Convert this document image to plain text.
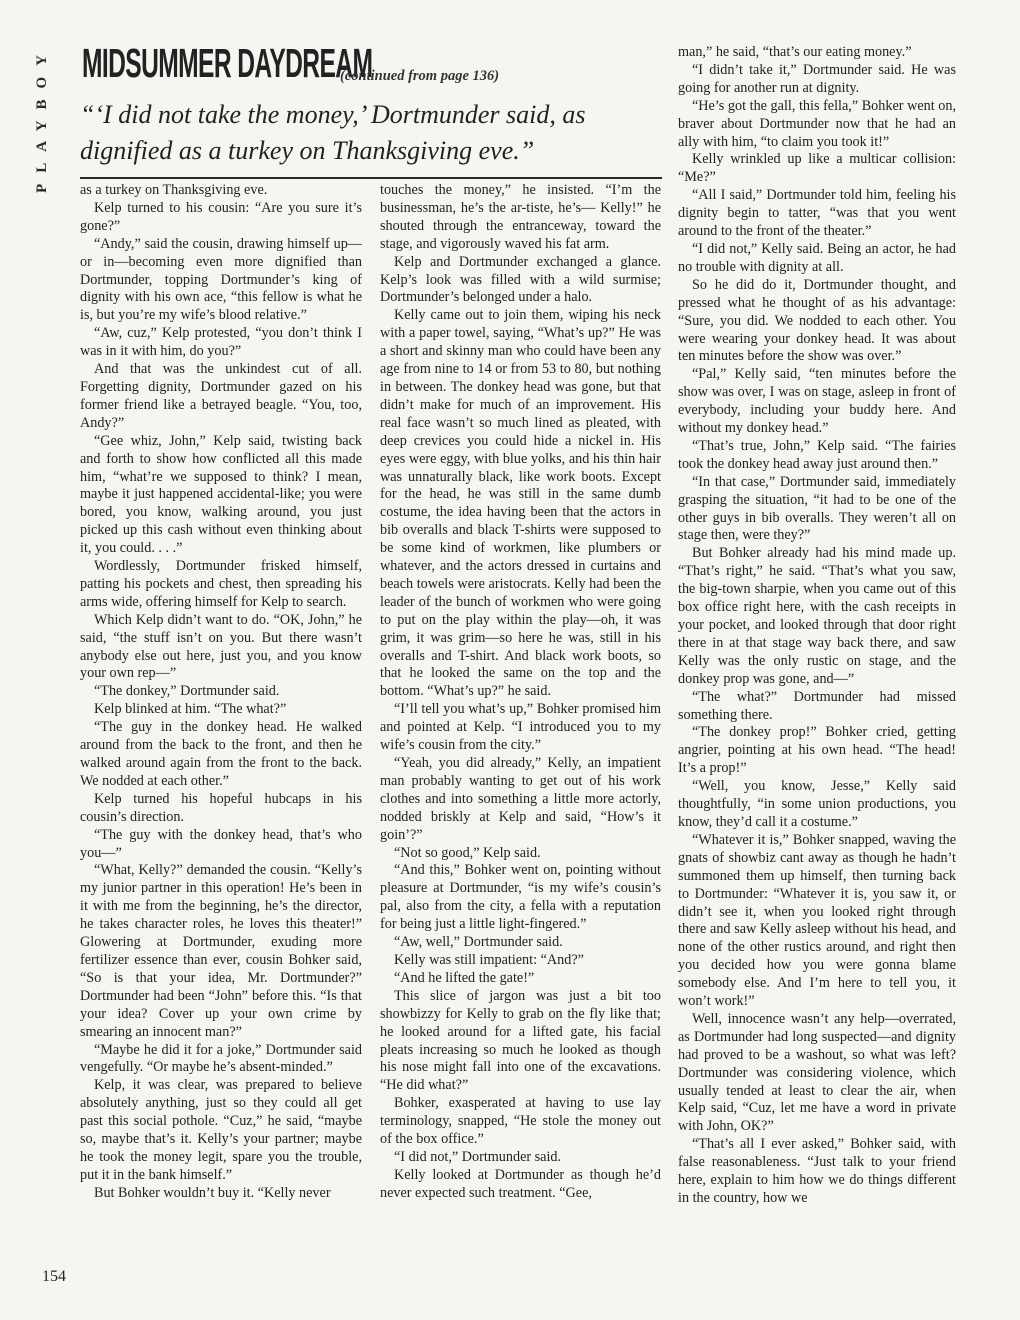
PLAYBOY MIDSUMMER DAYDREAM
(continued from page 136)
“‘I did not take the money,’ Dortmunder said, as dignified as a turkey on Thanksgiving eve.”

as a turkey on Thanksgiving eve.

Kelp turned to his cousin: “Are you sure it’s gone?”

“Andy,” said the cousin, drawing himself up—or in—becoming even more dignified than Dortmunder, topping Dortmunder’s king of dignity with his own ace, “this fellow is what he is, but you’re my wife’s blood relative.”

“Aw, cuz,” Kelp protested, “you don’t think I was in it with him, do you?”

And that was the unkindest cut of all. Forgetting dignity, Dortmunder gazed on his former friend like a betrayed beagle. “You, too, Andy?”

“Gee whiz, John,” Kelp said, twisting back and forth to show how conflicted all this made him, “what’re we supposed to think? I mean, maybe it just happened accidental-like; you were bored, you know, walking around, you just picked up this cash without even thinking about it, you could. . . .”

Wordlessly, Dortmunder frisked himself, patting his pockets and chest, then spreading his arms wide, offering himself for Kelp to search.

Which Kelp didn’t want to do. “OK, John,” he said, “the stuff isn’t on you. But there wasn’t anybody else out here, just you, and you know your own rep—”

“The donkey,” Dortmunder said.

Kelp blinked at him. “The what?”

“The guy in the donkey head. He walked around from the back to the front, and then he walked around again from the front to the back. We nodded at each other.”

Kelp turned his hopeful hubcaps in his cousin’s direction.

“The guy with the donkey head, that’s who you—”

“What, Kelly?” demanded the cousin. “Kelly’s my junior partner in this operation! He’s been in it with me from the beginning, he’s the director, he takes character roles, he loves this theater!” Glowering at Dortmunder, exuding more fertilizer essence than ever, cousin Bohker said, “So is that your idea, Mr. Dortmunder?” Dortmunder had been “John” before this. “Is that your idea? Cover up your own crime by smearing an innocent man?”

“Maybe he did it for a joke,” Dortmunder said vengefully. “Or maybe he’s absent-minded.”

Kelp, it was clear, was prepared to believe absolutely anything, just so they could all get past this social pothole. “Cuz,” he said, “maybe so, maybe that’s it. Kelly’s your partner; maybe he took the money legit, spare you the trouble, put it in the bank himself.”

But Bohker wouldn’t buy it. “Kelly never

touches the money,” he insisted. “I’m the businessman, he’s the ar-tiste, he’s— Kelly!” he shouted through the entranceway, toward the stage, and vigorously waved his fat arm.

Kelp and Dortmunder exchanged a glance. Kelp’s look was filled with a wild surmise; Dortmunder’s belonged under a halo.

Kelly came out to join them, wiping his neck with a paper towel, saying, “What’s up?” He was a short and skinny man who could have been any age from nine to 14 or from 53 to 80, but nothing in between. The donkey head was gone, but that didn’t make for much of an improvement. His real face wasn’t so much lined as pleated, with deep crevices you could hide a nickel in. His eyes were eggy, with blue yolks, and his thin hair was unnaturally black, like work boots. Except for the head, he was still in the same dumb costume, the idea having been that the actors in bib overalls and black T-shirts were supposed to be some kind of workmen, like plumbers or whatever, and the actors dressed in curtains and beach towels were aristocrats. Kelly had been the leader of the bunch of workmen who were going to put on the play within the play—oh, it was grim, it was grim—so here he was, still in his overalls and T-shirt. And black work boots, so that he looked the same on the top and the bottom. “What’s up?” he said.

“I’ll tell you what’s up,” Bohker promised him and pointed at Kelp. “I introduced you to my wife’s cousin from the city.”

“Yeah, you did already,” Kelly, an impatient man probably wanting to get out of his work clothes and into something a little more actorly, nodded briskly at Kelp and said, “How’s it goin’?”

“Not so good,” Kelp said.

“And this,” Bohker went on, pointing without pleasure at Dortmunder, “is my wife’s cousin’s pal, also from the city, a fella with a reputation for being just a little light-fingered.”

“Aw, well,” Dortmunder said.

Kelly was still impatient: “And?”

“And he lifted the gate!”

This slice of jargon was just a bit too showbizzy for Kelly to grab on the fly like that; he looked around for a lifted gate, his facial pleats increasing so much he looked as though his nose might fall into one of the excavations. “He did what?”

Bohker, exasperated at having to use lay terminology, snapped, “He stole the money out of the box office.”

“I did not,” Dortmunder said.

Kelly looked at Dortmunder as though he’d never expected such treatment. “Gee,

man,” he said, “that’s our eating money.”

“I didn’t take it,” Dortmunder said. He was going for another run at dignity.

“He’s got the gall, this fella,” Bohker went on, braver about Dortmunder now that he had an ally with him, “to claim you took it!”

Kelly wrinkled up like a multicar collision: “Me?”

“All I said,” Dortmunder told him, feeling his dignity begin to tatter, “was that you went around to the front of the theater.”

“I did not,” Kelly said. Being an actor, he had no trouble with dignity at all.

So he did do it, Dortmunder thought, and pressed what he thought of as his advantage: “Sure, you did. We nodded to each other. You were wearing your donkey head. It was about ten minutes before the show was over.”

“Pal,” Kelly said, “ten minutes before the show was over, I was on stage, asleep in front of everybody, including your buddy here. And without my donkey head.”

“That’s true, John,” Kelp said. “The fairies took the donkey head away just around then.”

“In that case,” Dortmunder said, immediately grasping the situation, “it had to be one of the other guys in bib overalls. They weren’t all on stage then, were they?”

But Bohker already had his mind made up. “That’s right,” he said. “That’s what you saw, the big-town sharpie, when you came out of this box office right here, with the cash receipts in your pocket, and looked through that door right there in at that stage way back there, and saw Kelly was the only rustic on stage, and the donkey prop was gone, and—”

“The what?” Dortmunder had missed something there.

“The donkey prop!” Bohker cried, getting angrier, pointing at his own head. “The head! It’s a prop!”

“Well, you know, Jesse,” Kelly said thoughtfully, “in some union productions, you know, they’d call it a costume.”

“Whatever it is,” Bohker snapped, waving the gnats of showbiz cant away as though he hadn’t summoned them up himself, then turning back to Dortmunder: “Whatever it is, you saw it, or didn’t see it, when you looked right through there and saw Kelly asleep without his head, and none of the other rustics around, and right then you decided how you were gonna blame somebody else. And I’m here to tell you, it won’t work!”

Well, innocence wasn’t any help—overrated, as Dortmunder had long suspected—and dignity had proved to be a washout, so what was left? Dortmunder was considering violence, which usually tended at least to clear the air, when Kelp said, “Cuz, let me have a word in private with John, OK?”

“That’s all I ever asked,” Bohker said, with false reasonableness. “Just talk to your friend here, explain to him how we do things different in the country, how we

154
